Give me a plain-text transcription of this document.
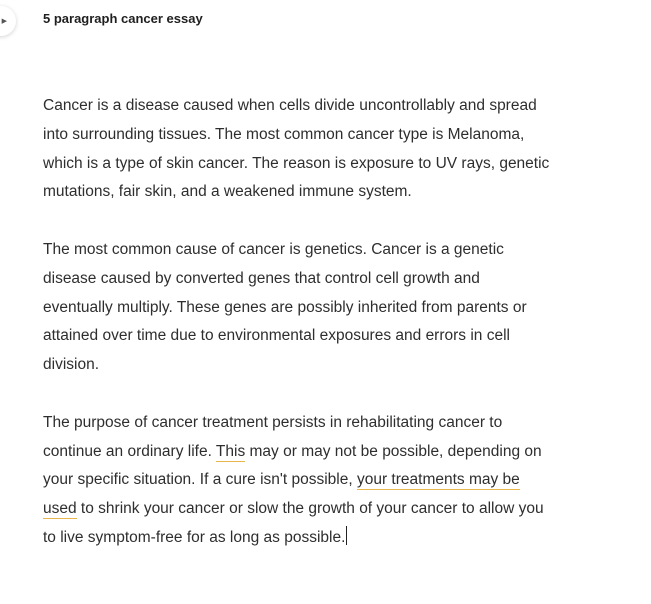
▶	5 paragraph cancer essay

Cancer is a disease caused when cells divide uncontrollably and spread
into surrounding tissues. The most common cancer type is Melanoma,
which is a type of skin cancer. The reason is exposure to UV rays, genetic
mutations, fair skin, and a weakened immune system.

The most common cause of cancer is genetics. Cancer is a genetic
disease caused by converted genes that control cell growth and
eventually multiply. These genes are possibly inherited from parents or
attained over time due to environmental exposures and errors in cell
division.

The purpose of cancer treatment persists in rehabilitating cancer to
continue an ordinary life. This may or may not be possible, depending on
your specific situation. If a cure isn't possible, your treatments may be
used to shrink your cancer or slow the growth of your cancer to allow you
to live symptom-free for as long as possible.
